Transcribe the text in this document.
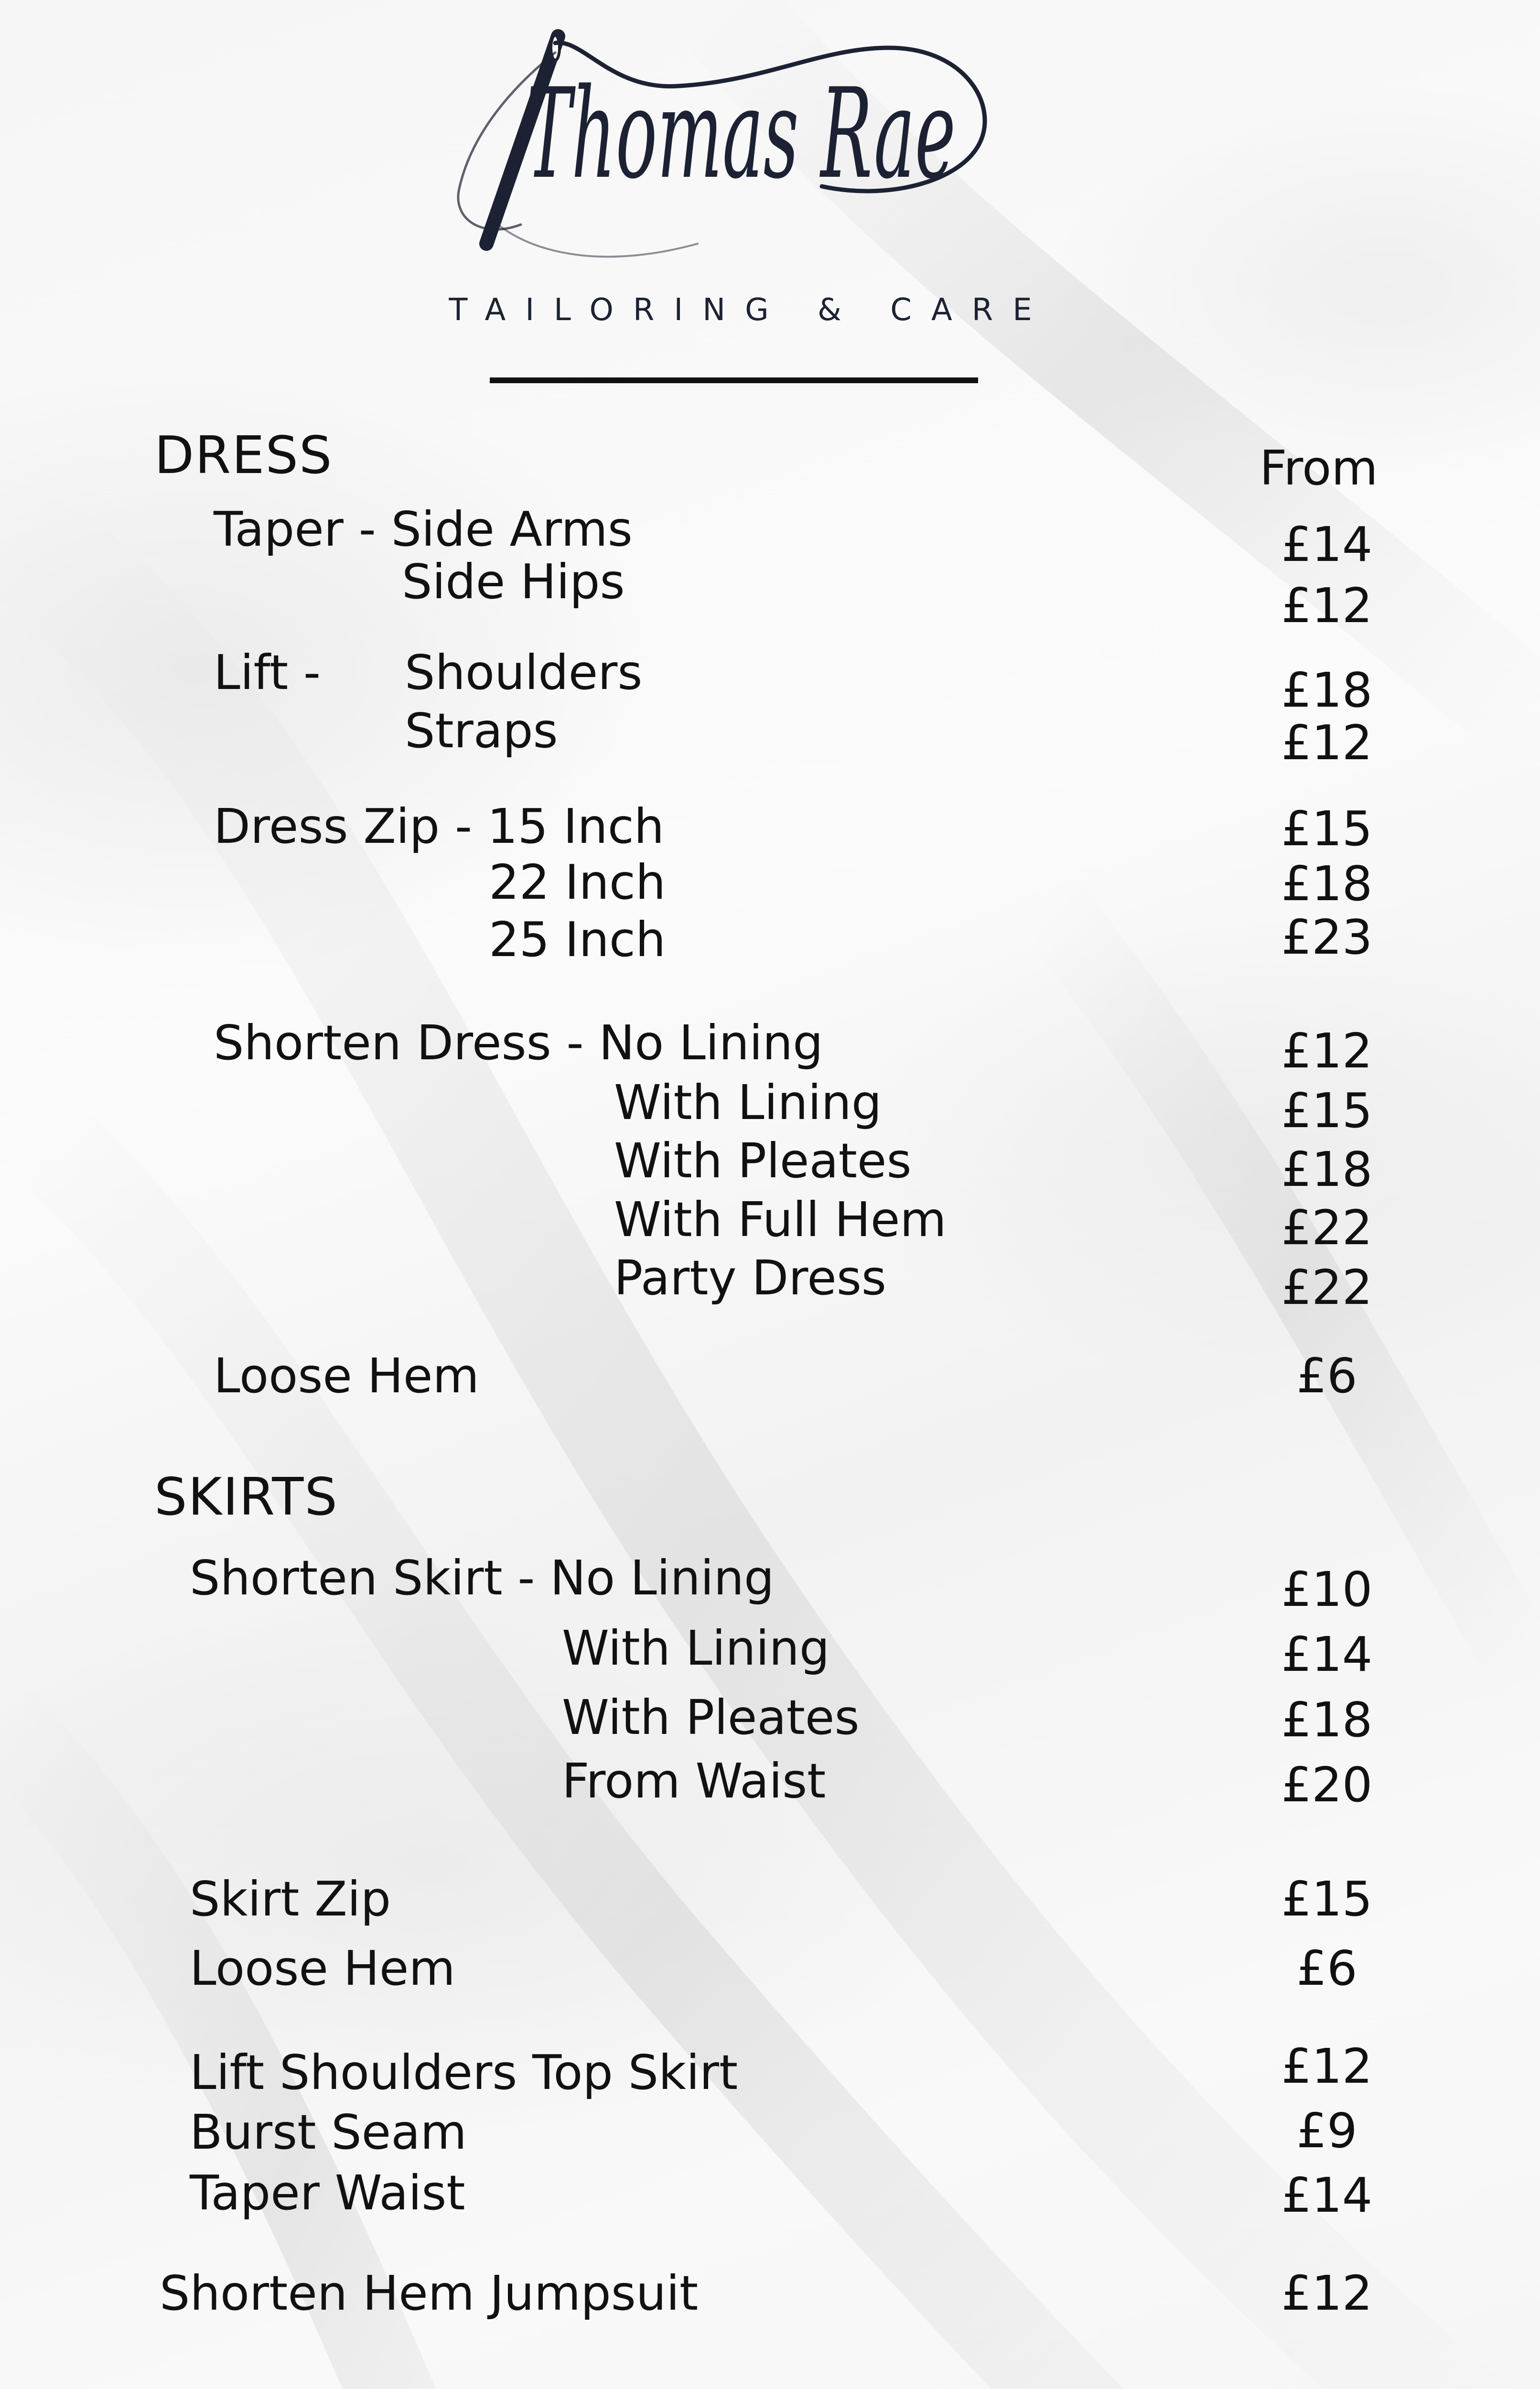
Thomas Rae
TAILORING & CARE
DRESS	From
Taper - Side Arms	£14
Side Hips	£12
Lift - Shoulders	£18
Straps	£12
Dress Zip - 15 Inch	£15
22 Inch	£18
25 Inch	£23
Shorten Dress - No Lining	£12
With Lining	£15
With Pleates	£18
With Full Hem	£22
Party Dress	£22
Loose Hem	£6
SKIRTS
Shorten Skirt - No Lining	£10
With Lining	£14
With Pleates	£18
From Waist	£20
Skirt Zip	£15
Loose Hem	£6
Lift Shoulders Top Skirt	£12
Burst Seam	£9
Taper Waist	£14
Shorten Hem Jumpsuit	£12
